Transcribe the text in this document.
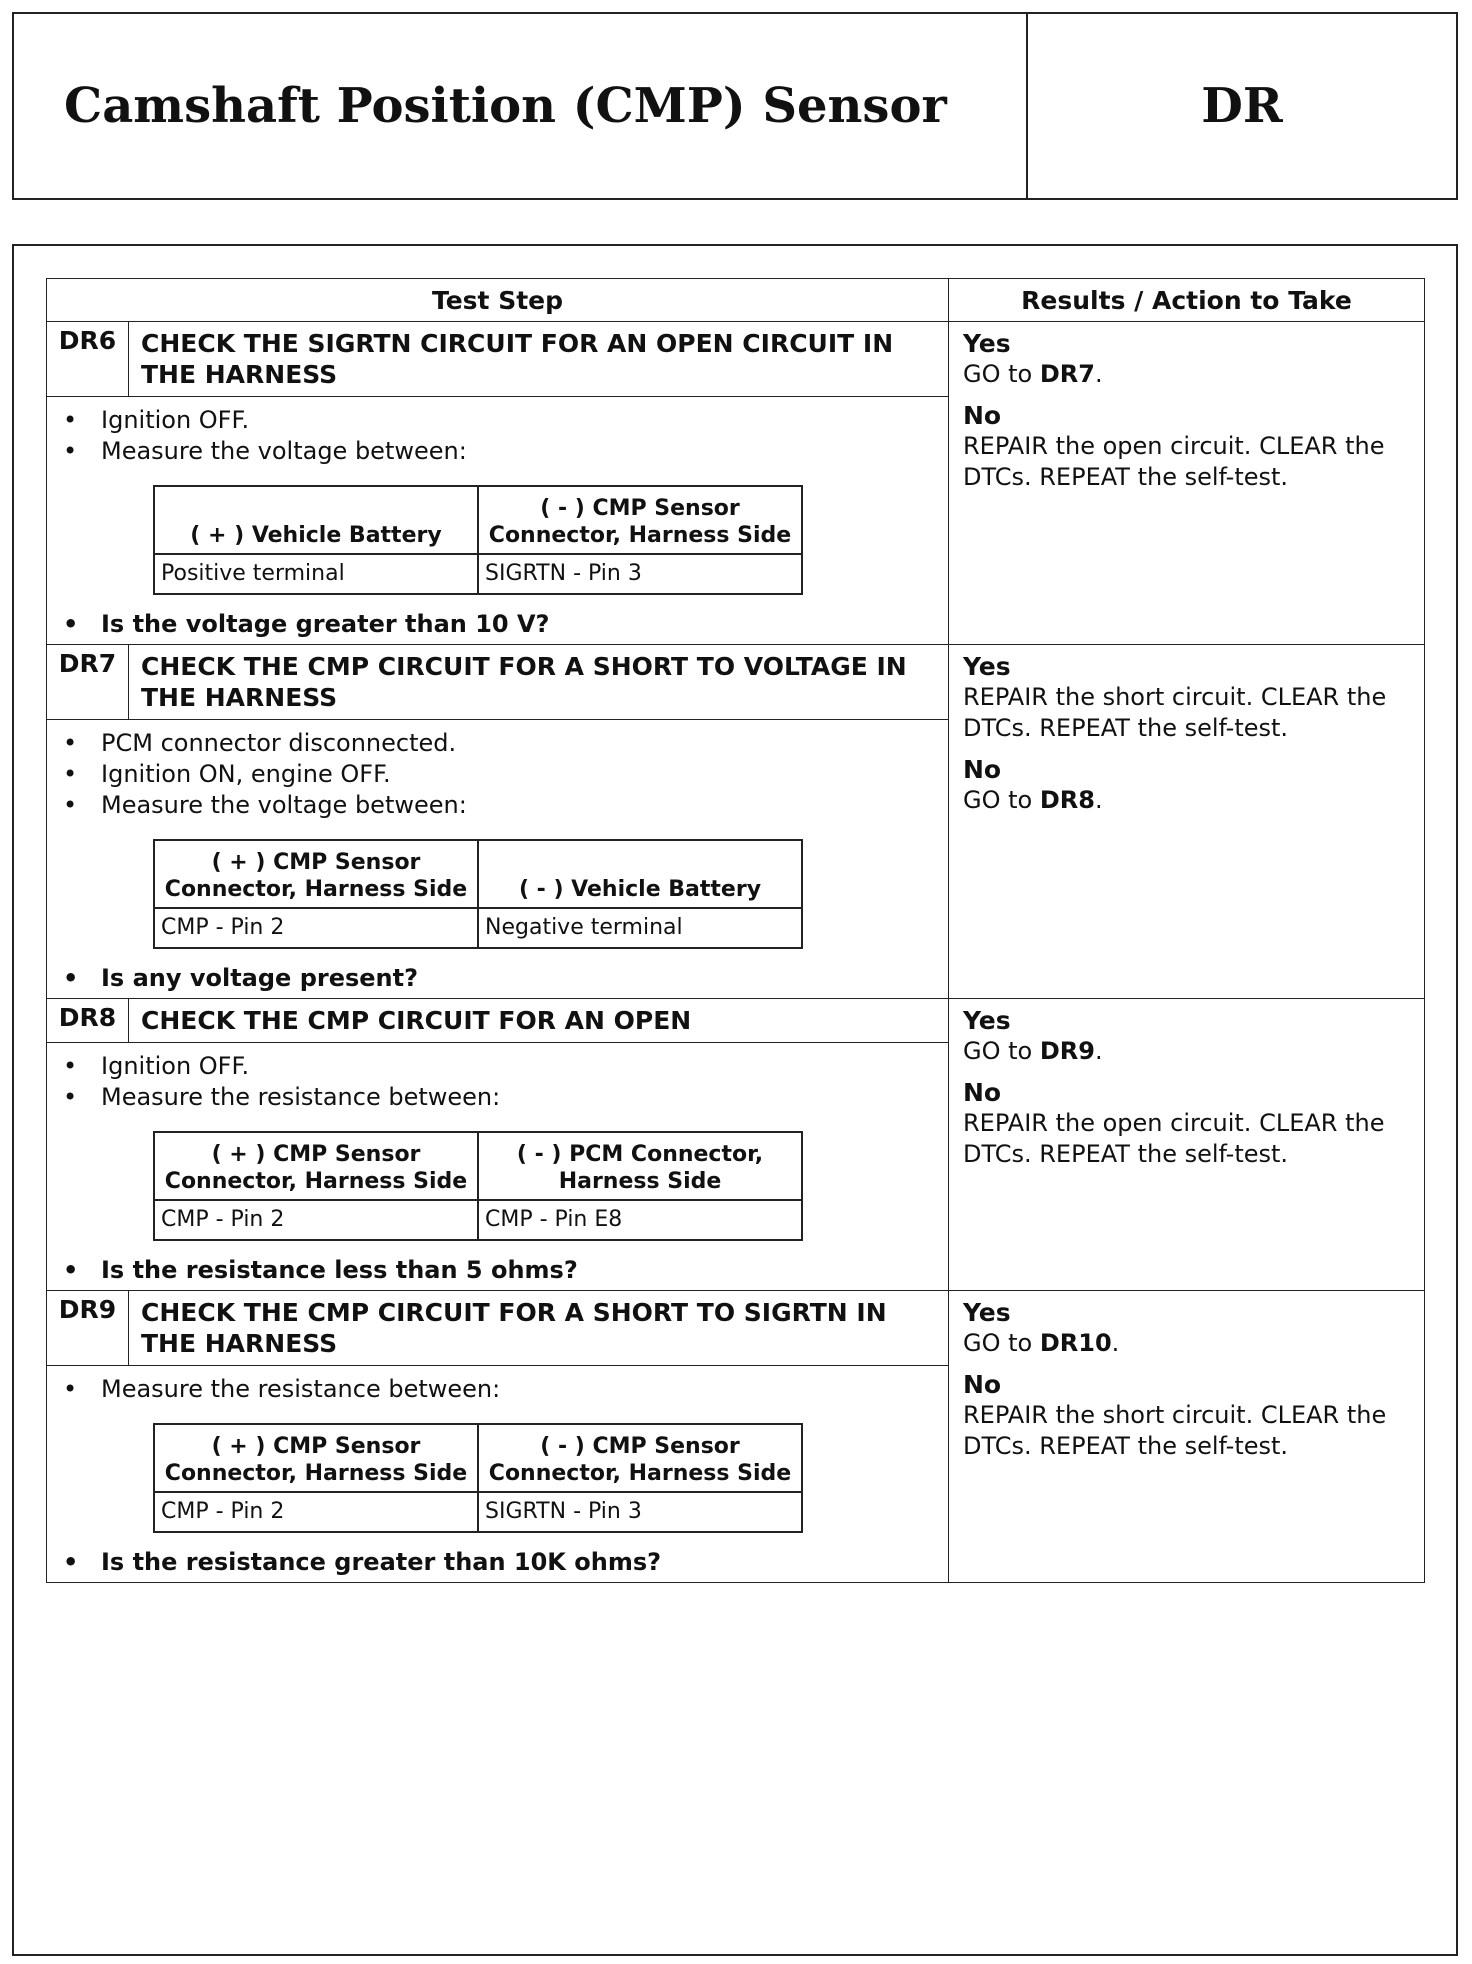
Camshaft Position (CMP) Sensor	DR
Test Step	Results / Action to Take
DR6	CHECK THE SIGRTN CIRCUIT FOR AN OPEN CIRCUIT IN THE HARNESS	
Yes
GO to DR7.
No
REPAIR the open circuit. CLEAR the DTCs. REPEAT the self-test.

• Ignition OFF.
• Measure the voltage between:
( + ) Vehicle Battery	( - ) CMP Sensor Connector, Harness Side
Positive terminal	SIGRTN - Pin 3
• Is the voltage greater than 10 V?

DR7	CHECK THE CMP CIRCUIT FOR A SHORT TO VOLTAGE IN THE HARNESS	
Yes
REPAIR the short circuit. CLEAR the DTCs. REPEAT the self-test.
No
GO to DR8.

• PCM connector disconnected.
• Ignition ON, engine OFF.
• Measure the voltage between:
( + ) CMP Sensor Connector, Harness Side	( - ) Vehicle Battery
CMP - Pin 2	Negative terminal
• Is any voltage present?

DR8	CHECK THE CMP CIRCUIT FOR AN OPEN	Yes
GO to DR9.
No
REPAIR the open circuit. CLEAR the DTCs. REPEAT the self-test.

• Ignition OFF.
• Measure the resistance between:
( + ) CMP Sensor Connector, Harness Side	( - ) PCM Connector, Harness Side
CMP - Pin 2	CMP - Pin E8
• Is the resistance less than 5 ohms?

DR9	CHECK THE CMP CIRCUIT FOR A SHORT TO SIGRTN IN THE HARNESS	
Yes
GO to DR10.
No
REPAIR the short circuit. CLEAR the DTCs. REPEAT the self-test.

• Measure the resistance between:
( + ) CMP Sensor Connector, Harness Side	( - ) CMP Sensor Connector, Harness Side
CMP - Pin 2	SIGRTN - Pin 3
• Is the resistance greater than 10K ohms?
